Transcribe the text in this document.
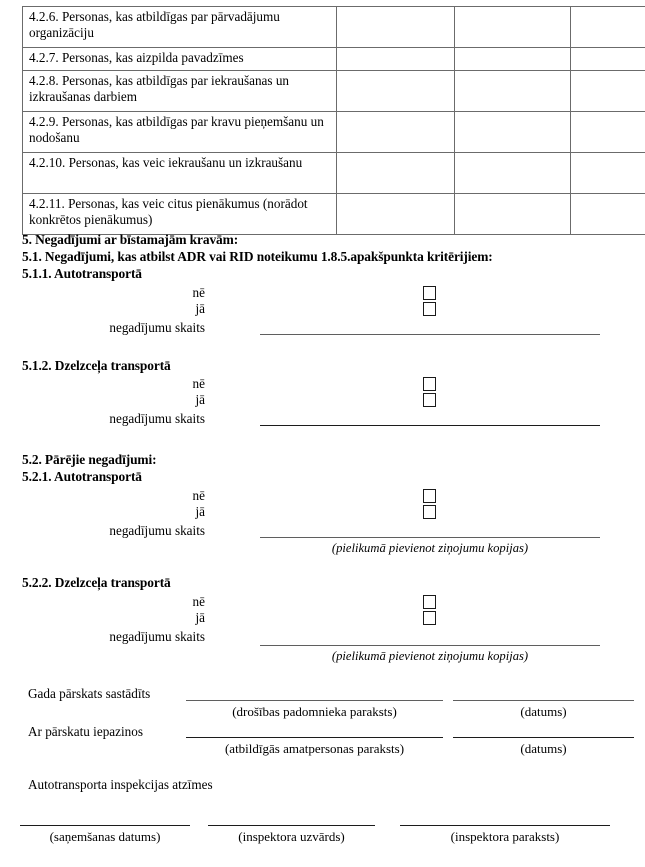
4.2.6. Personas, kas atbildīgas par pārvadājumu organizāciju			
4.2.7. Personas, kas aizpilda pavadzīmes			
4.2.8. Personas, kas atbildīgas par iekraušanas un izkraušanas darbiem			
4.2.9. Personas, kas atbildīgas par kravu pieņemšanu un nodošanu			
4.2.10. Personas, kas veic iekraušanu un izkraušanu			
4.2.11. Personas, kas veic citus pienākumus (norādot konkrētos pienākumus)			
5. Negadījumi ar bīstamajām kravām:
5.1. Negadījumi, kas atbilst ADR vai RID noteikumu 1.8.5.apakšpunkta kritērijiem:
5.1.1. Autotransportā
nē
jā
negadījumu skaits
5.1.2. Dzelzceļa transportā
nē
jā
negadījumu skaits
5.2. Pārējie negadījumi:
5.2.1. Autotransportā
nē
jā
negadījumu skaits
(pielikumā pievienot ziņojumu kopijas)
5.2.2. Dzelzceļa transportā
nē
jā
negadījumu skaits
(pielikumā pievienot ziņojumu kopijas)
Gada pārskats sastādīts
(drošības padomnieka paraksts)	(datums)
Ar pārskatu iepazinos
(atbildīgās amatpersonas paraksts)	(datums)
Autotransporta inspekcijas atzīmes
(saņemšanas datums)	(inspektora uzvārds)	(inspektora paraksts)
